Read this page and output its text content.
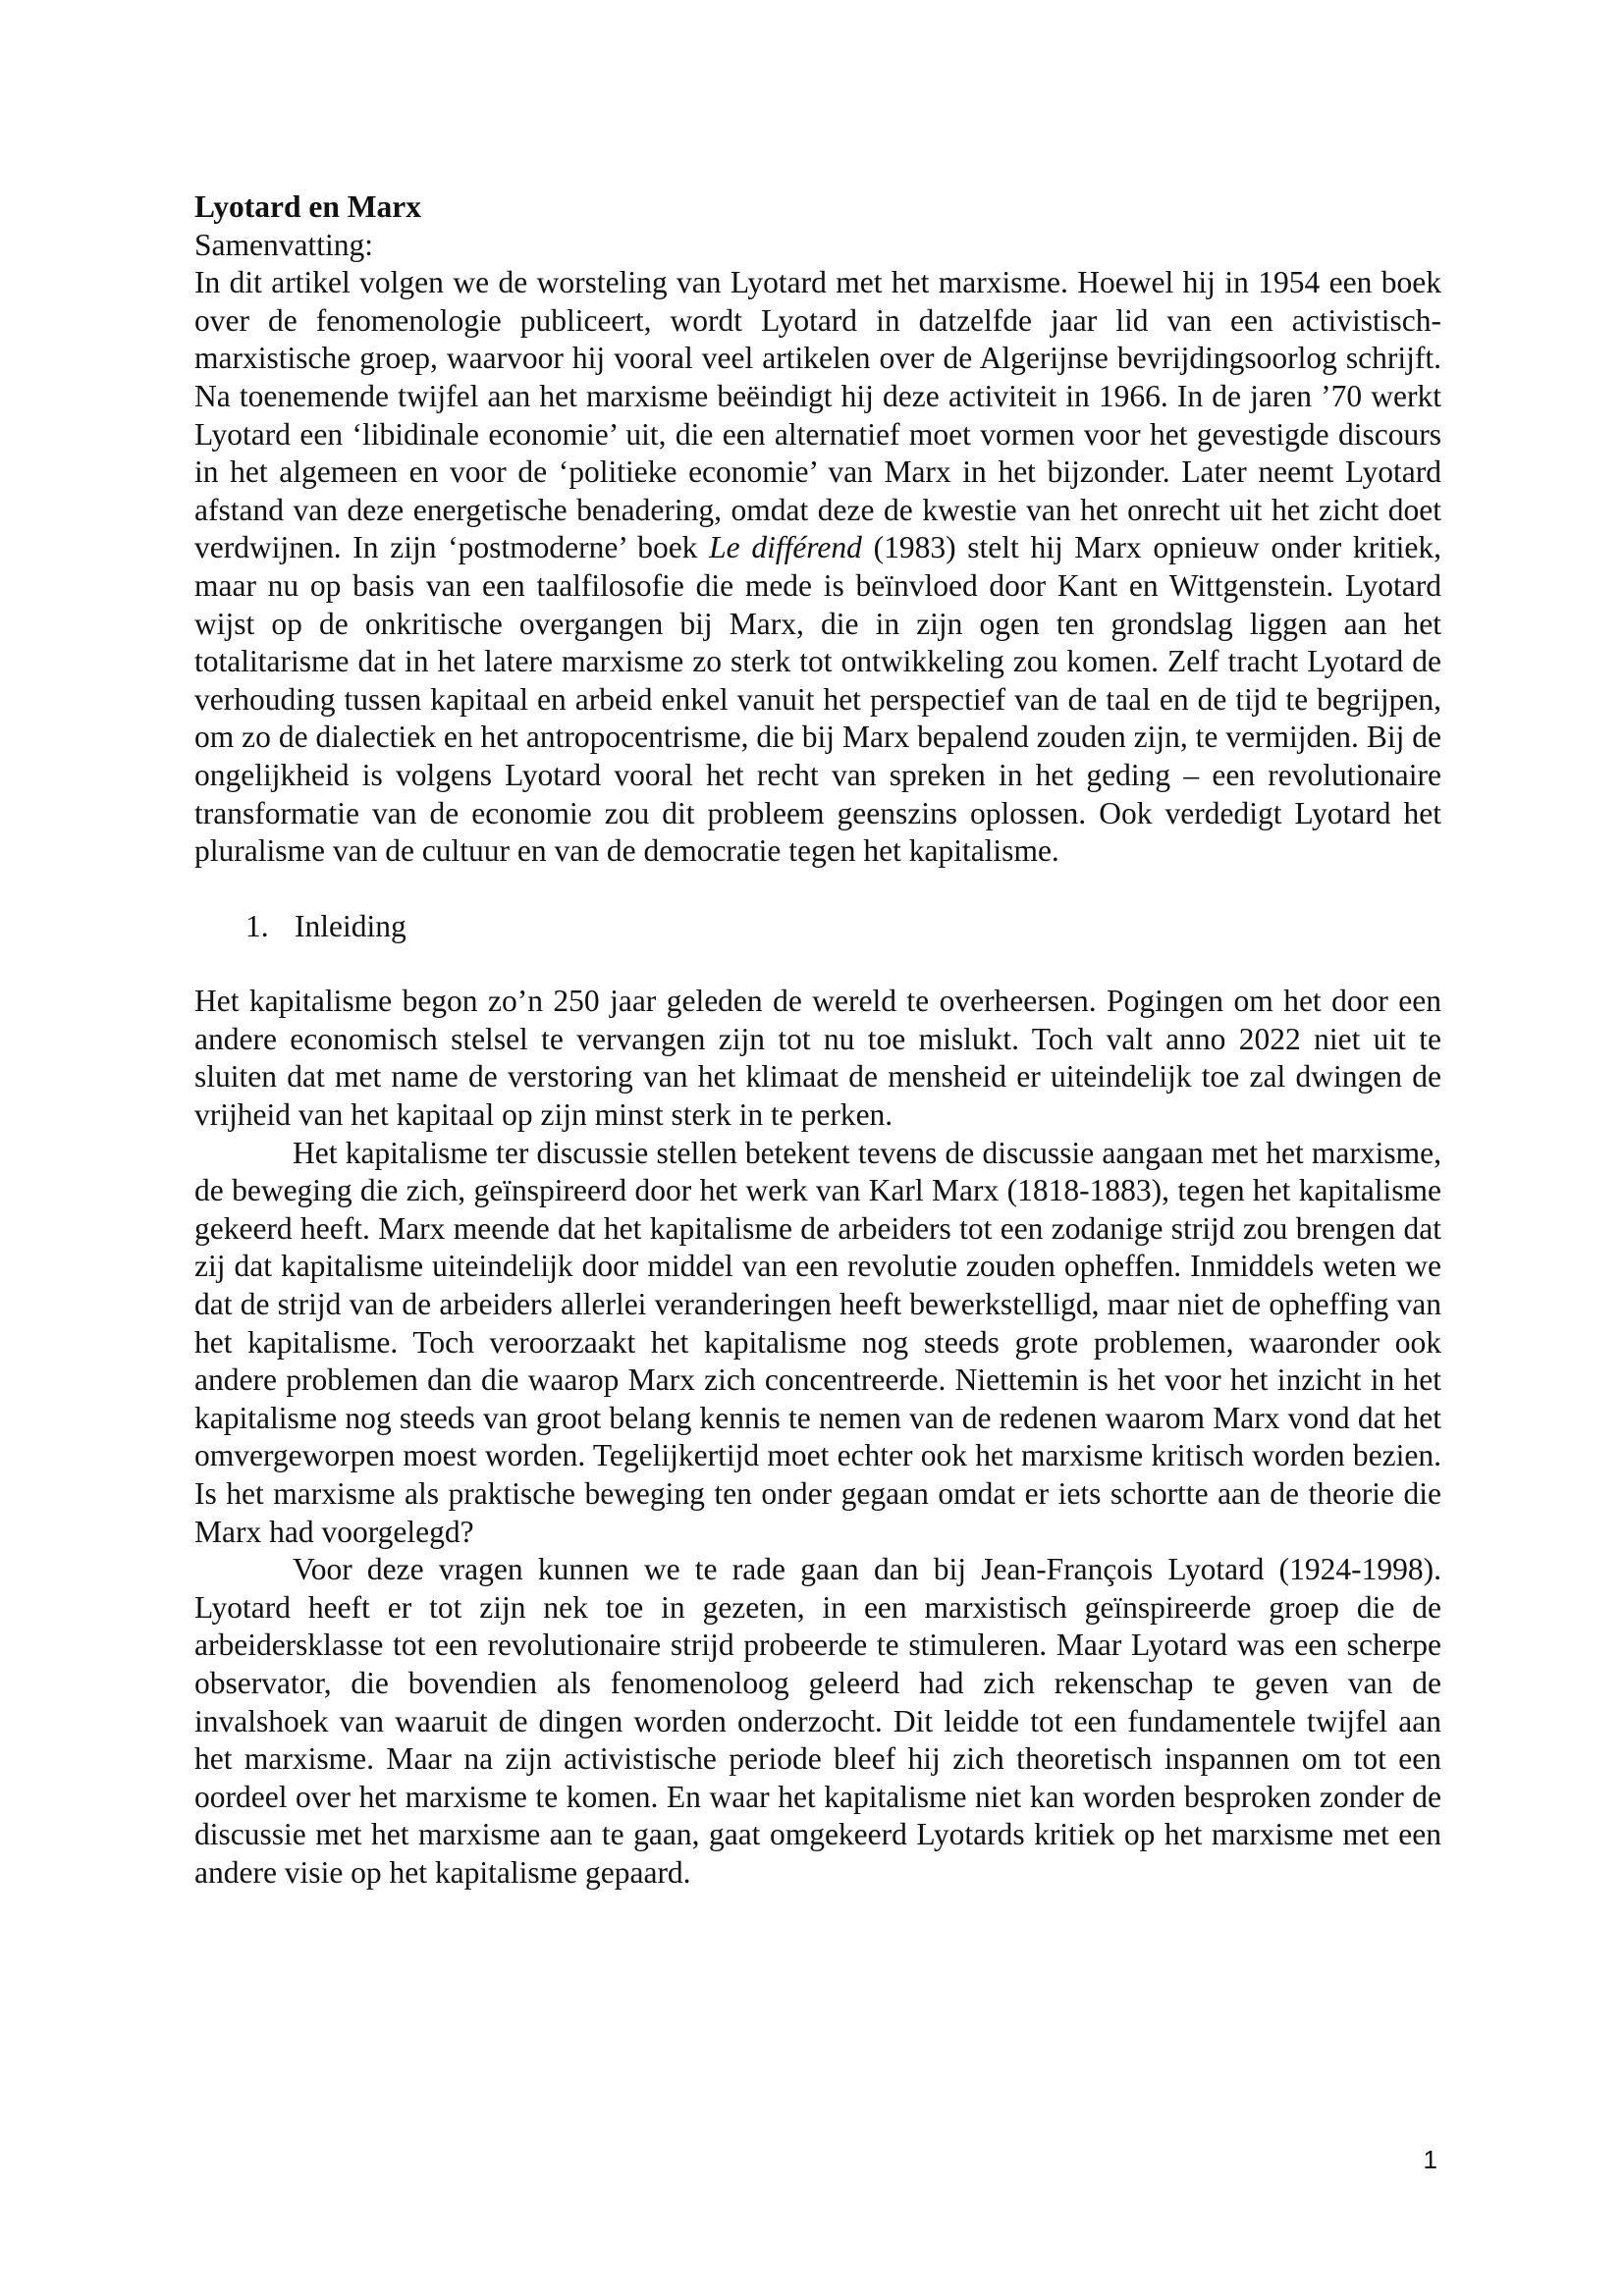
Lyotard en Marx

Samenvatting:

In dit artikel volgen we de worsteling van Lyotard met het marxisme. Hoewel hij in 1954 een boek over de fenomenologie publiceert, wordt Lyotard in datzelfde jaar lid van een activistisch-marxistische groep, waarvoor hij vooral veel artikelen over de Algerijnse bevrijdingsoorlog schrijft. Na toenemende twijfel aan het marxisme beëindigt hij deze activiteit in 1966. In de jaren ’70 werkt Lyotard een ‘libidinale economie’ uit, die een alternatief moet vormen voor het gevestigde discours in het algemeen en voor de ‘politieke economie’ van Marx in het bijzonder. Later neemt Lyotard afstand van deze energetische benadering, omdat deze de kwestie van het onrecht uit het zicht doet verdwijnen. In zijn ‘postmoderne’ boek Le différend (1983) stelt hij Marx opnieuw onder kritiek, maar nu op basis van een taalfilosofie die mede is beïnvloed door Kant en Wittgenstein. Lyotard wijst op de onkritische overgangen bij Marx, die in zijn ogen ten grondslag liggen aan het totalitarisme dat in het latere marxisme zo sterk tot ontwikkeling zou komen. Zelf tracht Lyotard de verhouding tussen kapitaal en arbeid enkel vanuit het perspectief van de taal en de tijd te begrijpen, om zo de dialectiek en het antropocentrisme, die bij Marx bepalend zouden zijn, te vermijden. Bij de ongelijkheid is volgens Lyotard vooral het recht van spreken in het geding – een revolutionaire transformatie van de economie zou dit probleem geenszins oplossen. Ook verdedigt Lyotard het pluralisme van de cultuur en van de democratie tegen het kapitalisme.

1. Inleiding

Het kapitalisme begon zo’n 250 jaar geleden de wereld te overheersen. Pogingen om het door een andere economisch stelsel te vervangen zijn tot nu toe mislukt. Toch valt anno 2022 niet uit te sluiten dat met name de verstoring van het klimaat de mensheid er uiteindelijk toe zal dwingen de vrijheid van het kapitaal op zijn minst sterk in te perken.

Het kapitalisme ter discussie stellen betekent tevens de discussie aangaan met het marxisme, de beweging die zich, geïnspireerd door het werk van Karl Marx (1818-1883), tegen het kapitalisme gekeerd heeft. Marx meende dat het kapitalisme de arbeiders tot een zodanige strijd zou brengen dat zij dat kapitalisme uiteindelijk door middel van een revolutie zouden opheffen. Inmiddels weten we dat de strijd van de arbeiders allerlei veranderingen heeft bewerkstelligd, maar niet de opheffing van het kapitalisme. Toch veroorzaakt het kapitalisme nog steeds grote problemen, waaronder ook andere problemen dan die waarop Marx zich concentreerde. Niettemin is het voor het inzicht in het kapitalisme nog steeds van groot belang kennis te nemen van de redenen waarom Marx vond dat het omvergeworpen moest worden. Tegelijkertijd moet echter ook het marxisme kritisch worden bezien. Is het marxisme als praktische beweging ten onder gegaan omdat er iets schortte aan de theorie die Marx had voorgelegd?

Voor deze vragen kunnen we te rade gaan dan bij Jean-François Lyotard (1924-1998). Lyotard heeft er tot zijn nek toe in gezeten, in een marxistisch geïnspireerde groep die de arbeidersklasse tot een revolutionaire strijd probeerde te stimuleren. Maar Lyotard was een scherpe observator, die bovendien als fenomenoloog geleerd had zich rekenschap te geven van de invalshoek van waaruit de dingen worden onderzocht. Dit leidde tot een fundamentele twijfel aan het marxisme. Maar na zijn activistische periode bleef hij zich theoretisch inspannen om tot een oordeel over het marxisme te komen. En waar het kapitalisme niet kan worden besproken zonder de discussie met het marxisme aan te gaan, gaat omgekeerd Lyotards kritiek op het marxisme met een andere visie op het kapitalisme gepaard.

1
